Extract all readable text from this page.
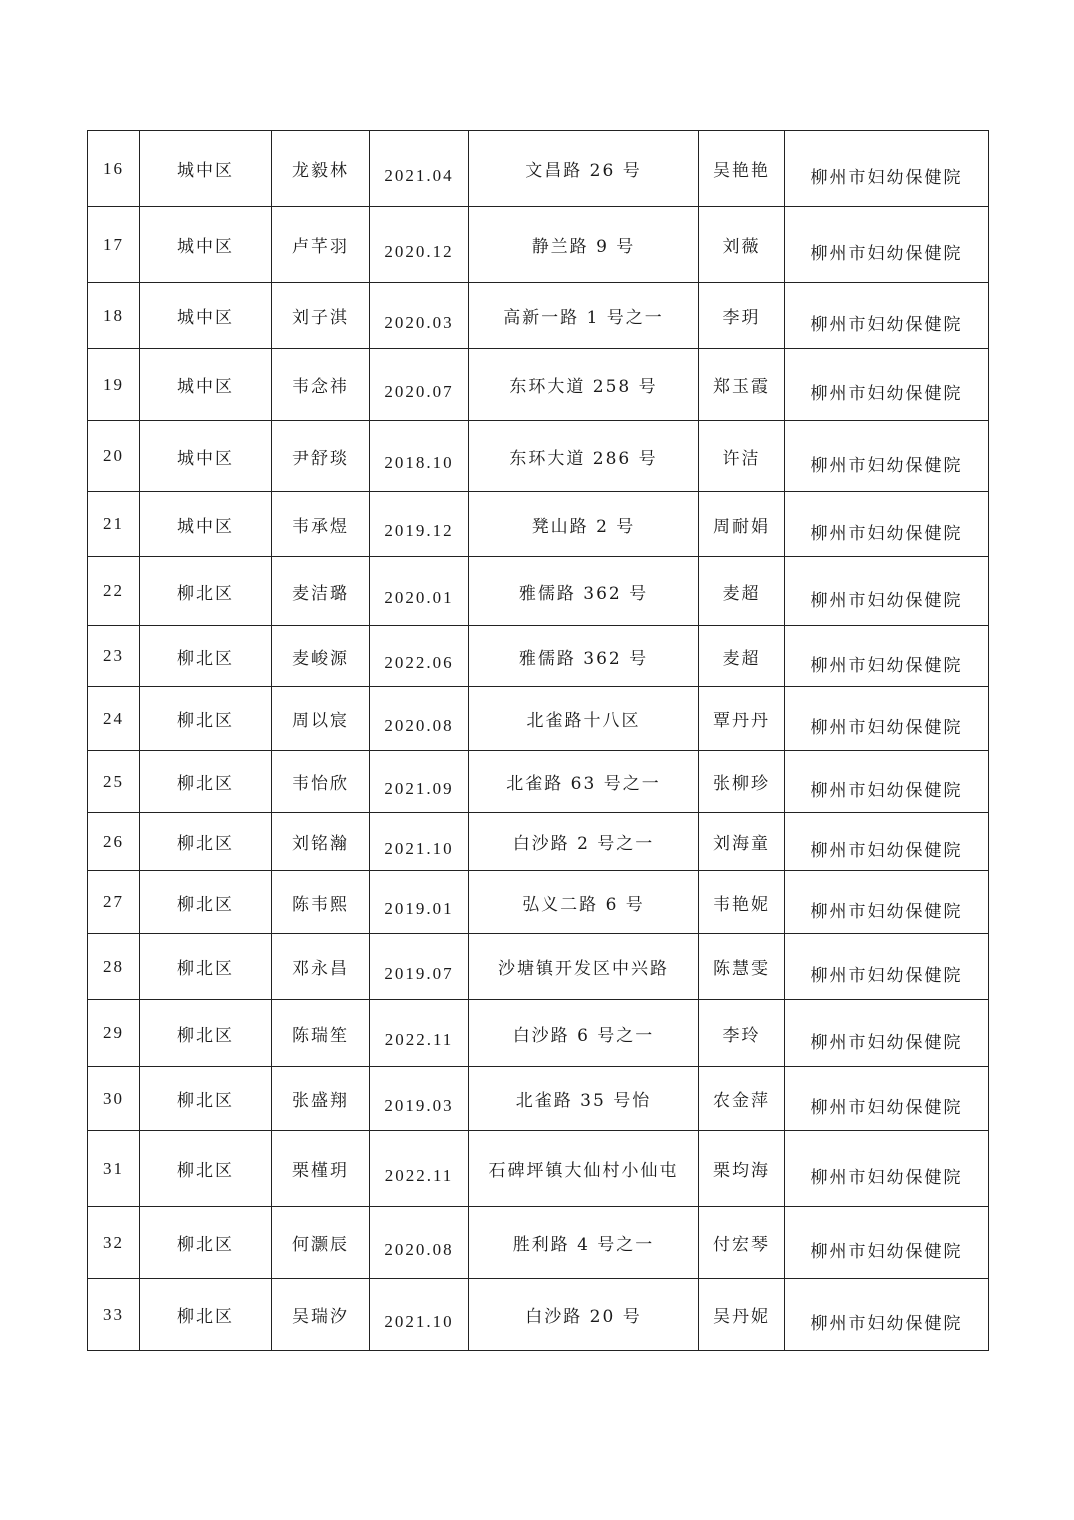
16	城中区	龙毅林	2021.04	文昌路 26 号	吴艳艳	柳州市妇幼保健院
17	城中区	卢芊羽	2020.12	静兰路 9 号	刘薇	柳州市妇幼保健院
18	城中区	刘子淇	2020.03	高新一路 1 号之一	李玥	柳州市妇幼保健院
19	城中区	韦念祎	2020.07	东环大道 258 号	郑玉霞	柳州市妇幼保健院
20	城中区	尹舒琰	2018.10	东环大道 286 号	许洁	柳州市妇幼保健院
21	城中区	韦承煜	2019.12	凳山路 2 号	周耐娟	柳州市妇幼保健院
22	柳北区	麦洁璐	2020.01	雅儒路 362 号	麦超	柳州市妇幼保健院
23	柳北区	麦峻源	2022.06	雅儒路 362 号	麦超	柳州市妇幼保健院
24	柳北区	周以宸	2020.08	北雀路十八区	覃丹丹	柳州市妇幼保健院
25	柳北区	韦怡欣	2021.09	北雀路 63 号之一	张柳珍	柳州市妇幼保健院
26	柳北区	刘铭瀚	2021.10	白沙路 2 号之一	刘海童	柳州市妇幼保健院
27	柳北区	陈韦熙	2019.01	弘义二路 6 号	韦艳妮	柳州市妇幼保健院
28	柳北区	邓永昌	2019.07	沙塘镇开发区中兴路	陈慧雯	柳州市妇幼保健院
29	柳北区	陈瑞笙	2022.11	白沙路 6 号之一	李玲	柳州市妇幼保健院
30	柳北区	张盛翔	2019.03	北雀路 35 号怡	农金萍	柳州市妇幼保健院
31	柳北区	栗槿玥	2022.11	石碑坪镇大仙村小仙屯	栗均海	柳州市妇幼保健院
32	柳北区	何灏辰	2020.08	胜利路 4 号之一	付宏琴	柳州市妇幼保健院
33	柳北区	吴瑞汐	2021.10	白沙路 20 号	吴丹妮	柳州市妇幼保健院
